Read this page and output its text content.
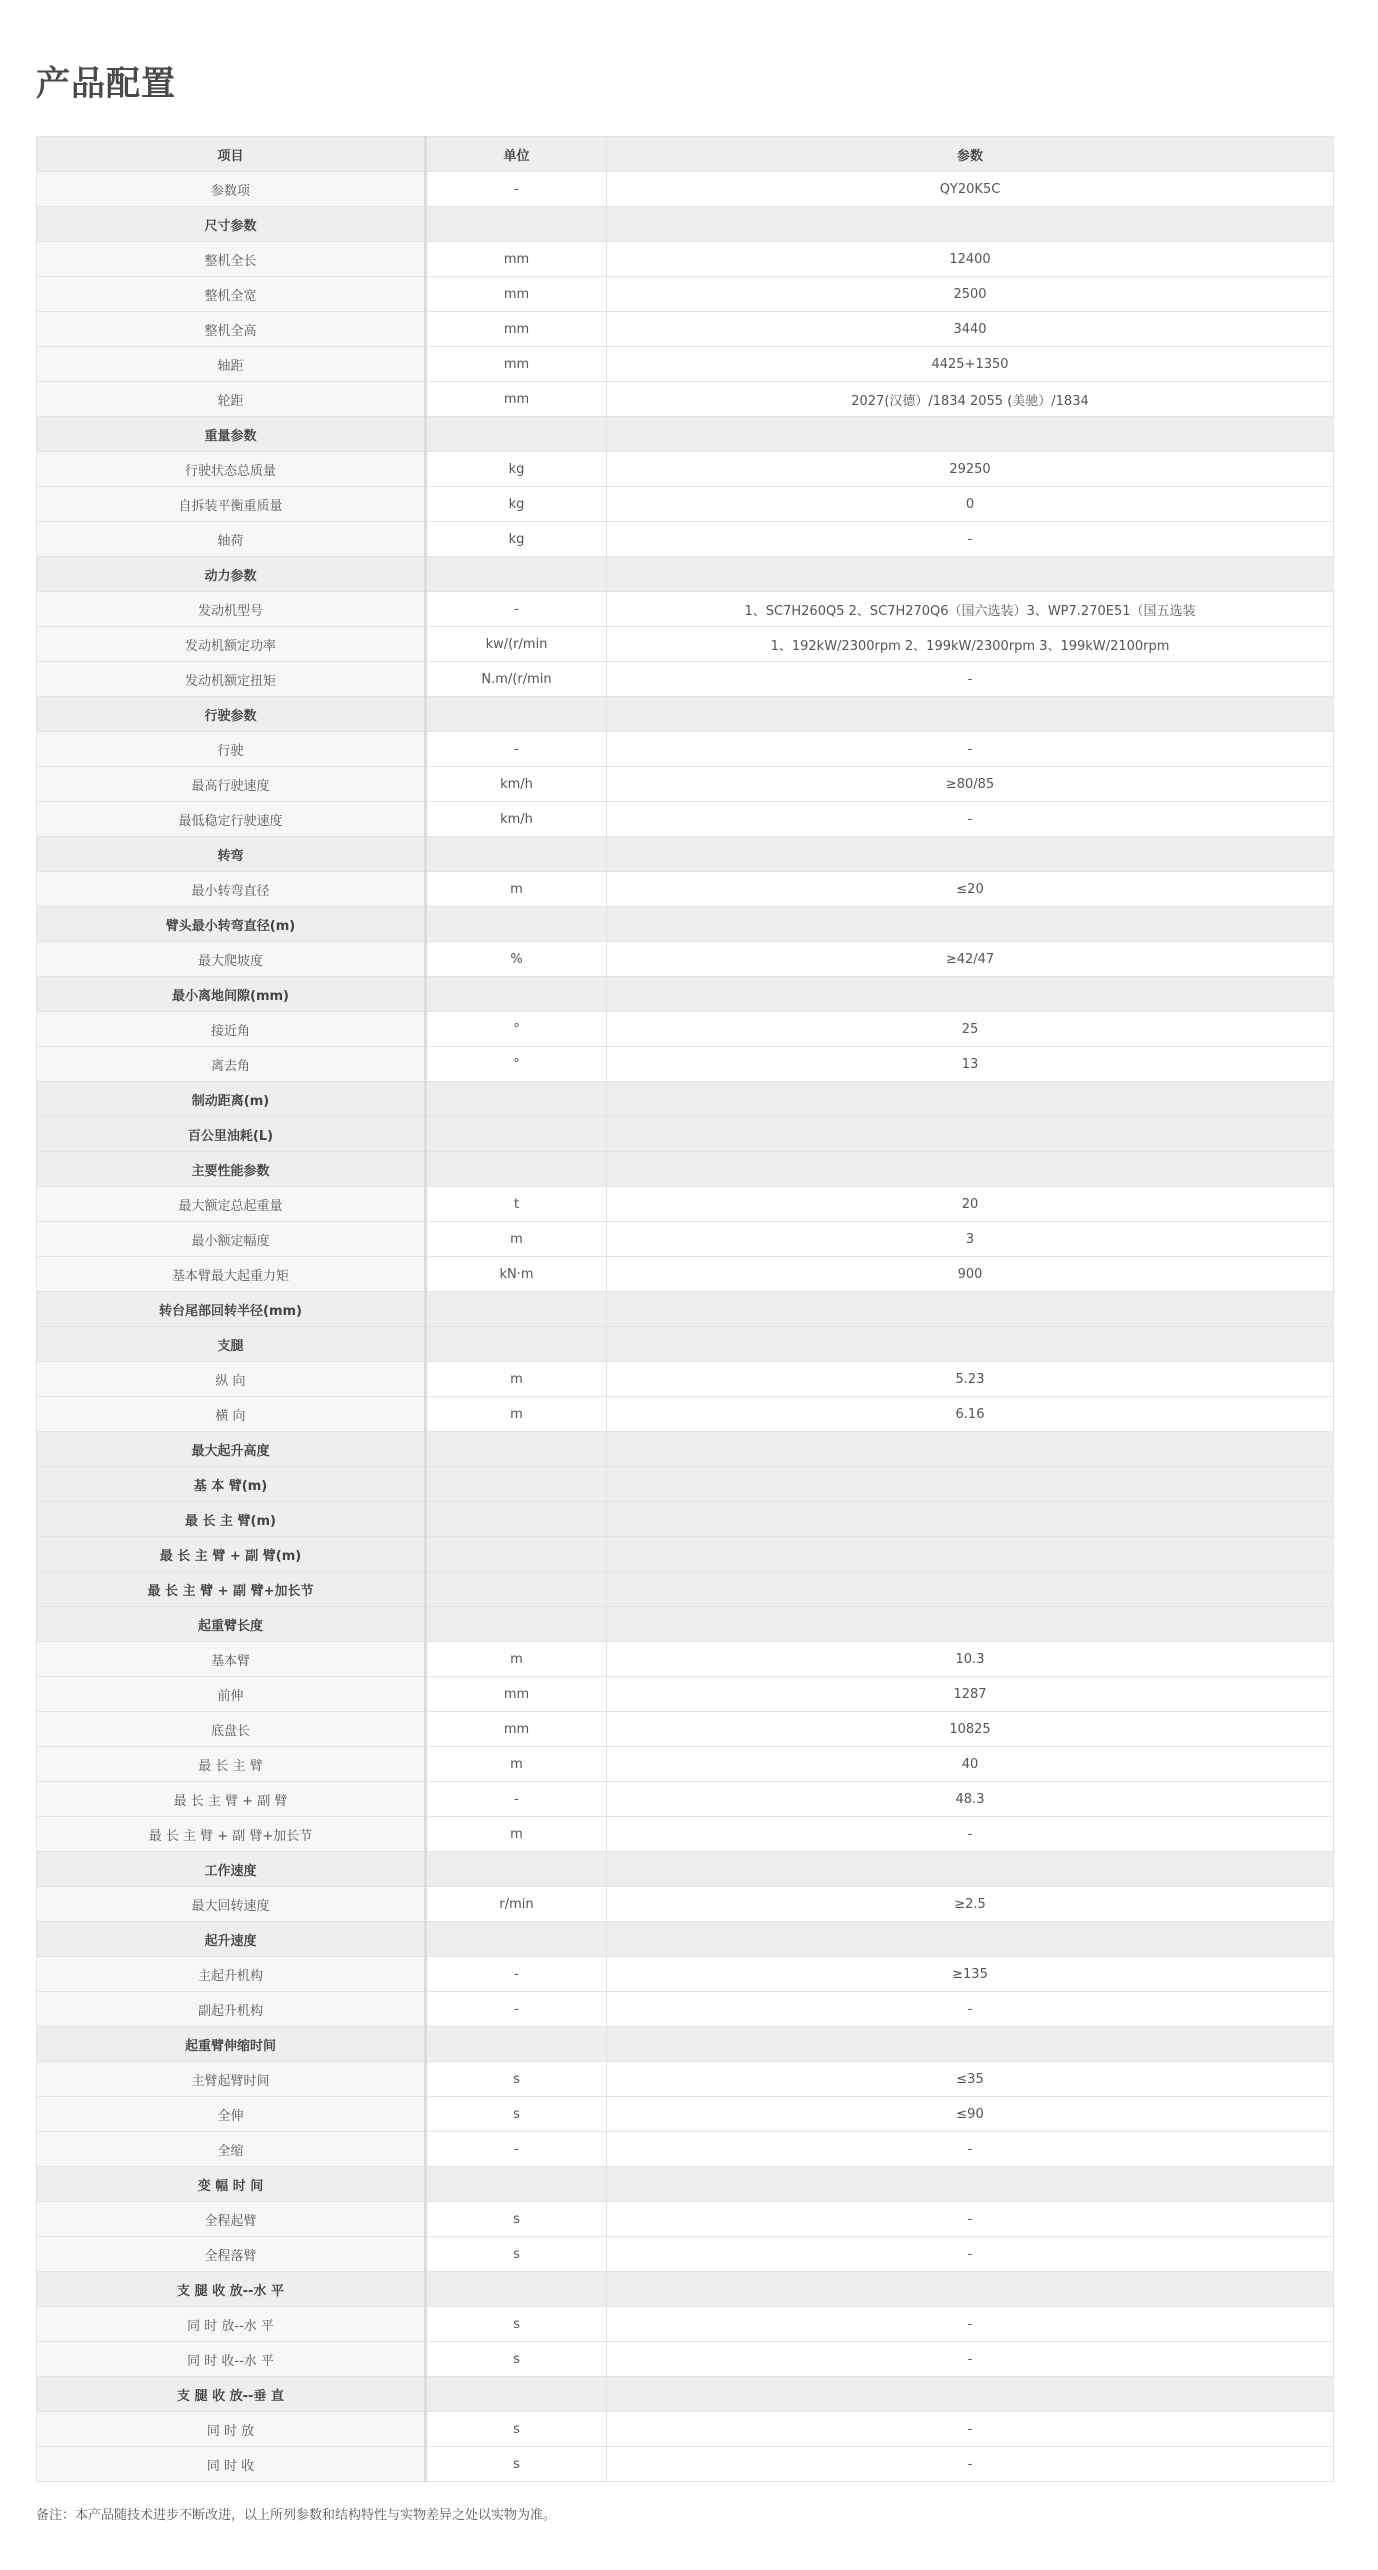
产品配置
项目	单位	参数
参数项	-	QY20K5C
尺寸参数		
整机全长	mm	12400
整机全宽	mm	2500
整机全高	mm	3440
轴距	mm	4425+1350
轮距	mm	2027(汉德）/1834 2055 (美驰）/1834
重量参数		
行驶状态总质量	kg	29250
自拆装平衡重质量	kg	0
轴荷	kg	-
动力参数		
发动机型号	-	1、SC7H260Q5 2、SC7H270Q6（国六选装）3、WP7.270E51（国五选装
发动机额定功率	kw/(r/min	1、192kW/2300rpm 2、199kW/2300rpm 3、199kW/2100rpm
发动机额定扭矩	N.m/(r/min	-
行驶参数		
行驶	-	-
最高行驶速度	km/h	≥80/85
最低稳定行驶速度	km/h	-
转弯		
最小转弯直径	m	≤20
臂头最小转弯直径(m)		
最大爬坡度	%	≥42/47
最小离地间隙(mm)		
接近角	°	25
离去角	°	13
制动距离(m)		
百公里油耗(L)		
主要性能参数		
最大额定总起重量	t	20
最小额定幅度	m	3
基本臂最大起重力矩	kN·m	900
转台尾部回转半径(mm)		
支腿		
纵 向	m	5.23
横 向	m	6.16
最大起升高度		
基 本 臂(m)		
最 长 主 臂(m)		
最 长 主 臂 + 副 臂(m)		
最 长 主 臂 + 副 臂+加长节		
起重臂长度		
基本臂	m	10.3
前伸	mm	1287
底盘长	mm	10825
最 长 主 臂	m	40
最 长 主 臂 + 副 臂	-	48.3
最 长 主 臂 + 副 臂+加长节	m	-
工作速度		
最大回转速度	r/min	≥2.5
起升速度		
主起升机构	-	≥135
副起升机构	-	-
起重臂伸缩时间		
主臂起臂时间	s	≤35
全伸	s	≤90
全缩	-	-
变 幅 时 间		
全程起臂	s	-
全程落臂	s	-
支 腿 收 放--水 平		
同 时 放--水 平	s	-
同 时 收--水 平	s	-
支 腿 收 放--垂 直		
同 时 放	s	-
同 时 收	s	-

备注：本产品随技术进步不断改进，以上所列参数和结构特性与实物差异之处以实物为准。
